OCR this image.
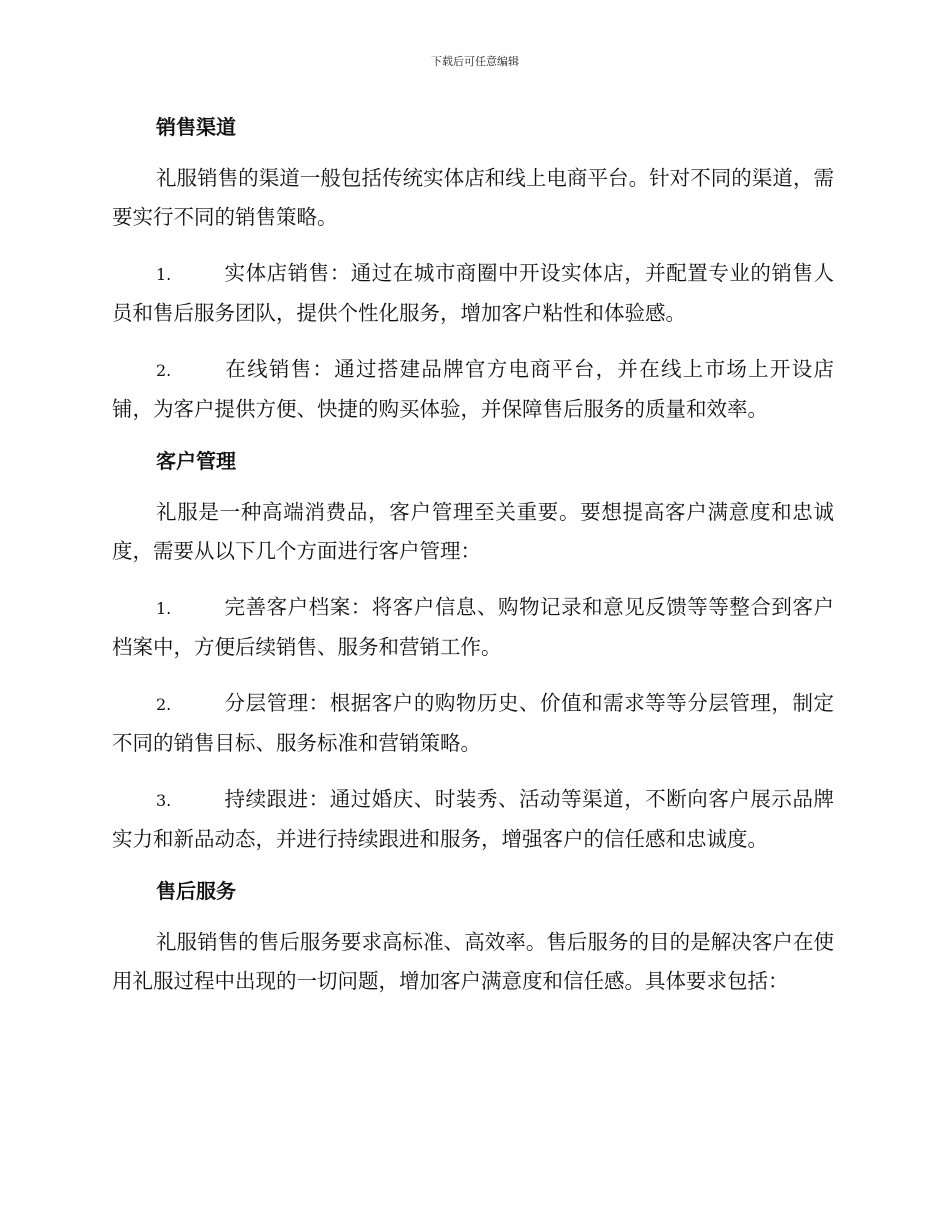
下载后可任意编辑
销售渠道

礼服销售的渠道一般包括传统实体店和线上电商平台。针对不同的渠道，需要实行不同的销售策略。

1.	实体店销售：通过在城市商圈中开设实体店，并配置专业的销售人员和售后服务团队，提供个性化服务，增加客户粘性和体验感。

2.	在线销售：通过搭建品牌官方电商平台，并在线上市场上开设店铺，为客户提供方便、快捷的购买体验，并保障售后服务的质量和效率。

客户管理

礼服是一种高端消费品，客户管理至关重要。要想提高客户满意度和忠诚度，需要从以下几个方面进行客户管理：

1.	完善客户档案：将客户信息、购物记录和意见反馈等等整合到客户档案中，方便后续销售、服务和营销工作。

2.	分层管理：根据客户的购物历史、价值和需求等等分层管理，制定不同的销售目标、服务标准和营销策略。

3.	持续跟进：通过婚庆、时装秀、活动等渠道，不断向客户展示品牌实力和新品动态，并进行持续跟进和服务，增强客户的信任感和忠诚度。

售后服务

礼服销售的售后服务要求高标准、高效率。售后服务的目的是解决客户在使用礼服过程中出现的一切问题，增加客户满意度和信任感。具体要求包括：
